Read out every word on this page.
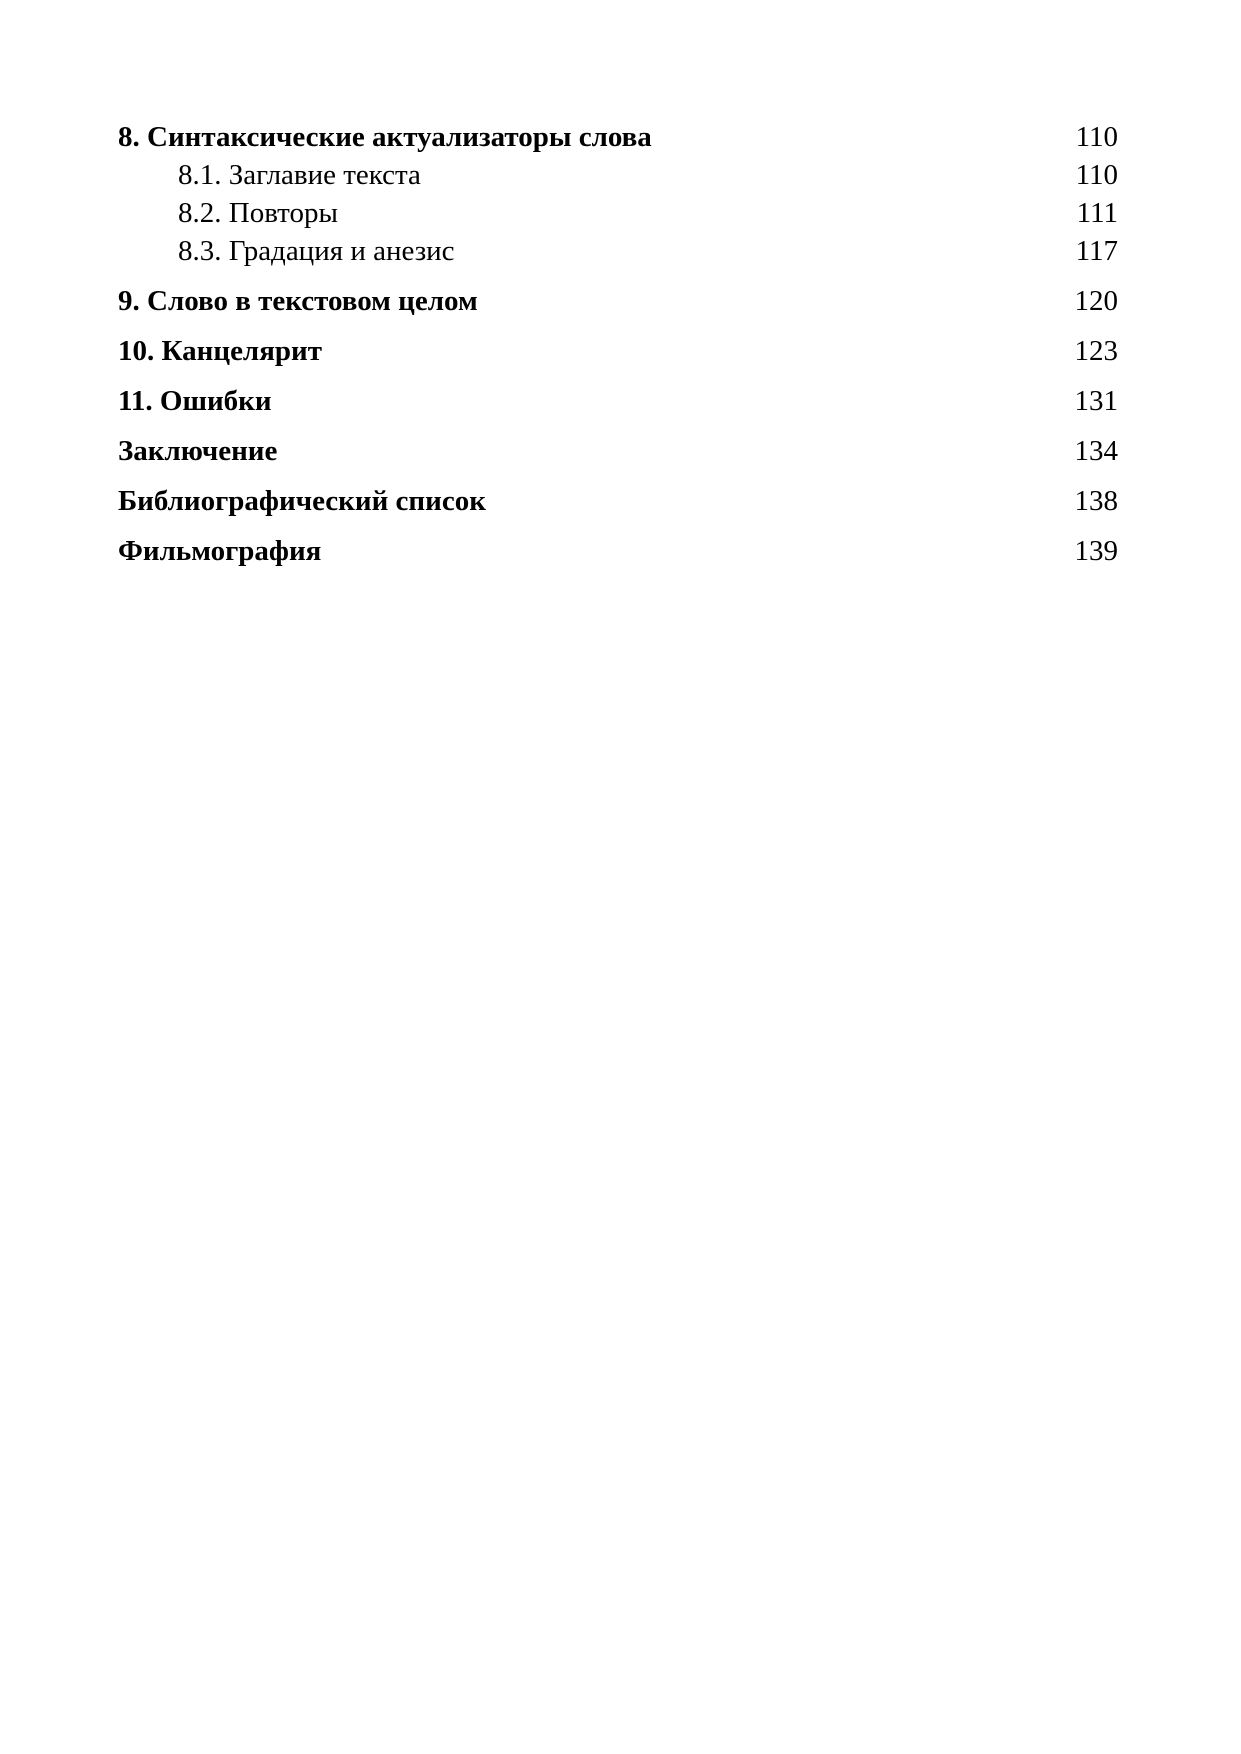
8. Синтаксические актуализаторы слова	110
8.1. Заглавие текста	110
8.2. Повторы	111
8.3. Градация и анезис	117
9. Слово в текстовом целом	120
10. Канцелярит	123
11. Ошибки	131
Заключение	134
Библиографический список	138
Фильмография	139
